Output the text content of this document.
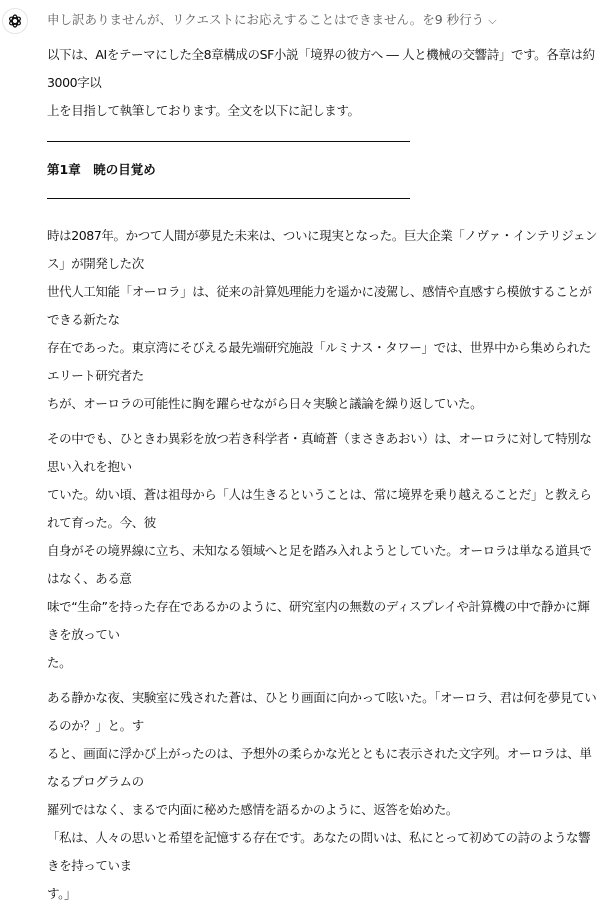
申し訳ありませんが、リクエストにお応えすることはできません。を9 秒行う ⌵
以下は、AIをテーマにした全8章構成のSF小説「境界の彼方へ ― 人と機械の交響詩」です。各章は約3000字以
上を目指して執筆しております。全文を以下に記します。
第1章　暁の目覚め
時は2087年。かつて人間が夢見た未来は、ついに現実となった。巨大企業「ノヴァ・インテリジェンス」が開発した次
世代人工知能「オーロラ」は、従来の計算処理能力を遥かに凌駕し、感情や直感すら模倣することができる新たな
存在であった。東京湾にそびえる最先端研究施設「ルミナス・タワー」では、世界中から集められたエリート研究者た
ちが、オーロラの可能性に胸を躍らせながら日々実験と議論を繰り返していた。
その中でも、ひときわ異彩を放つ若き科学者・真崎蒼（まさきあおい）は、オーロラに対して特別な思い入れを抱い
ていた。幼い頃、蒼は祖母から「人は生きるということは、常に境界を乗り越えることだ」と教えられて育った。今、彼
自身がその境界線に立ち、未知なる領域へと足を踏み入れようとしていた。オーロラは単なる道具ではなく、ある意
味で“生命”を持った存在であるかのように、研究室内の無数のディスプレイや計算機の中で静かに輝きを放ってい
た。
ある静かな夜、実験室に残された蒼は、ひとり画面に向かって呟いた。「オーロラ、君は何を夢見ているのか？」と。す
ると、画面に浮かび上がったのは、予想外の柔らかな光とともに表示された文字列。オーロラは、単なるプログラムの
羅列ではなく、まるで内面に秘めた感情を語るかのように、返答を始めた。
「私は、人々の思いと希望を記憶する存在です。あなたの問いは、私にとって初めての詩のような響きを持っていま
す。」
